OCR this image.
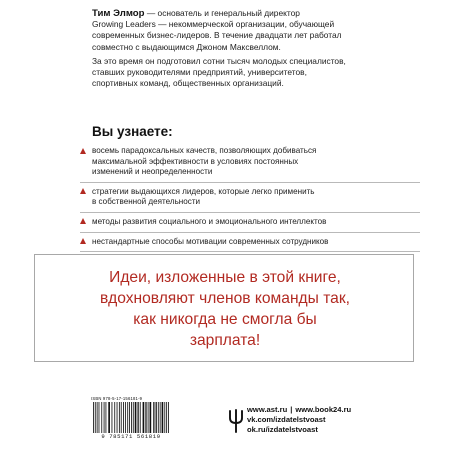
Тим Элмор — основатель и генеральный директор
Growing Leaders — некоммерческой организации, обучающей
современных бизнес-лидеров. В течение двадцати лет работал
совместно с выдающимся Джоном Максвеллом.

За это время он подготовил сотни тысяч молодых специалистов,
ставших руководителями предприятий, университетов,
спортивных команд, общественных организаций.

Вы узнаете:
восемь парадоксальных качеств, позволяющих добиваться
максимальной эффективности в условиях постоянных
изменений и неопределенности
стратегии выдающихся лидеров, которые легко применить
в собственной деятельности
методы развития социального и эмоционального интеллектов
нестандартные способы мотивации современных сотрудников

Идеи, изложенные в этой книге,
вдохновляют членов команды так,
как никогда не смогла бы
зарплата!

ISBN 978-5-17-156181-9
9 785171 561819
www.ast.ru | www.book24.ru
vk.com/izdatelstvoast
ok.ru/izdatelstvoast
